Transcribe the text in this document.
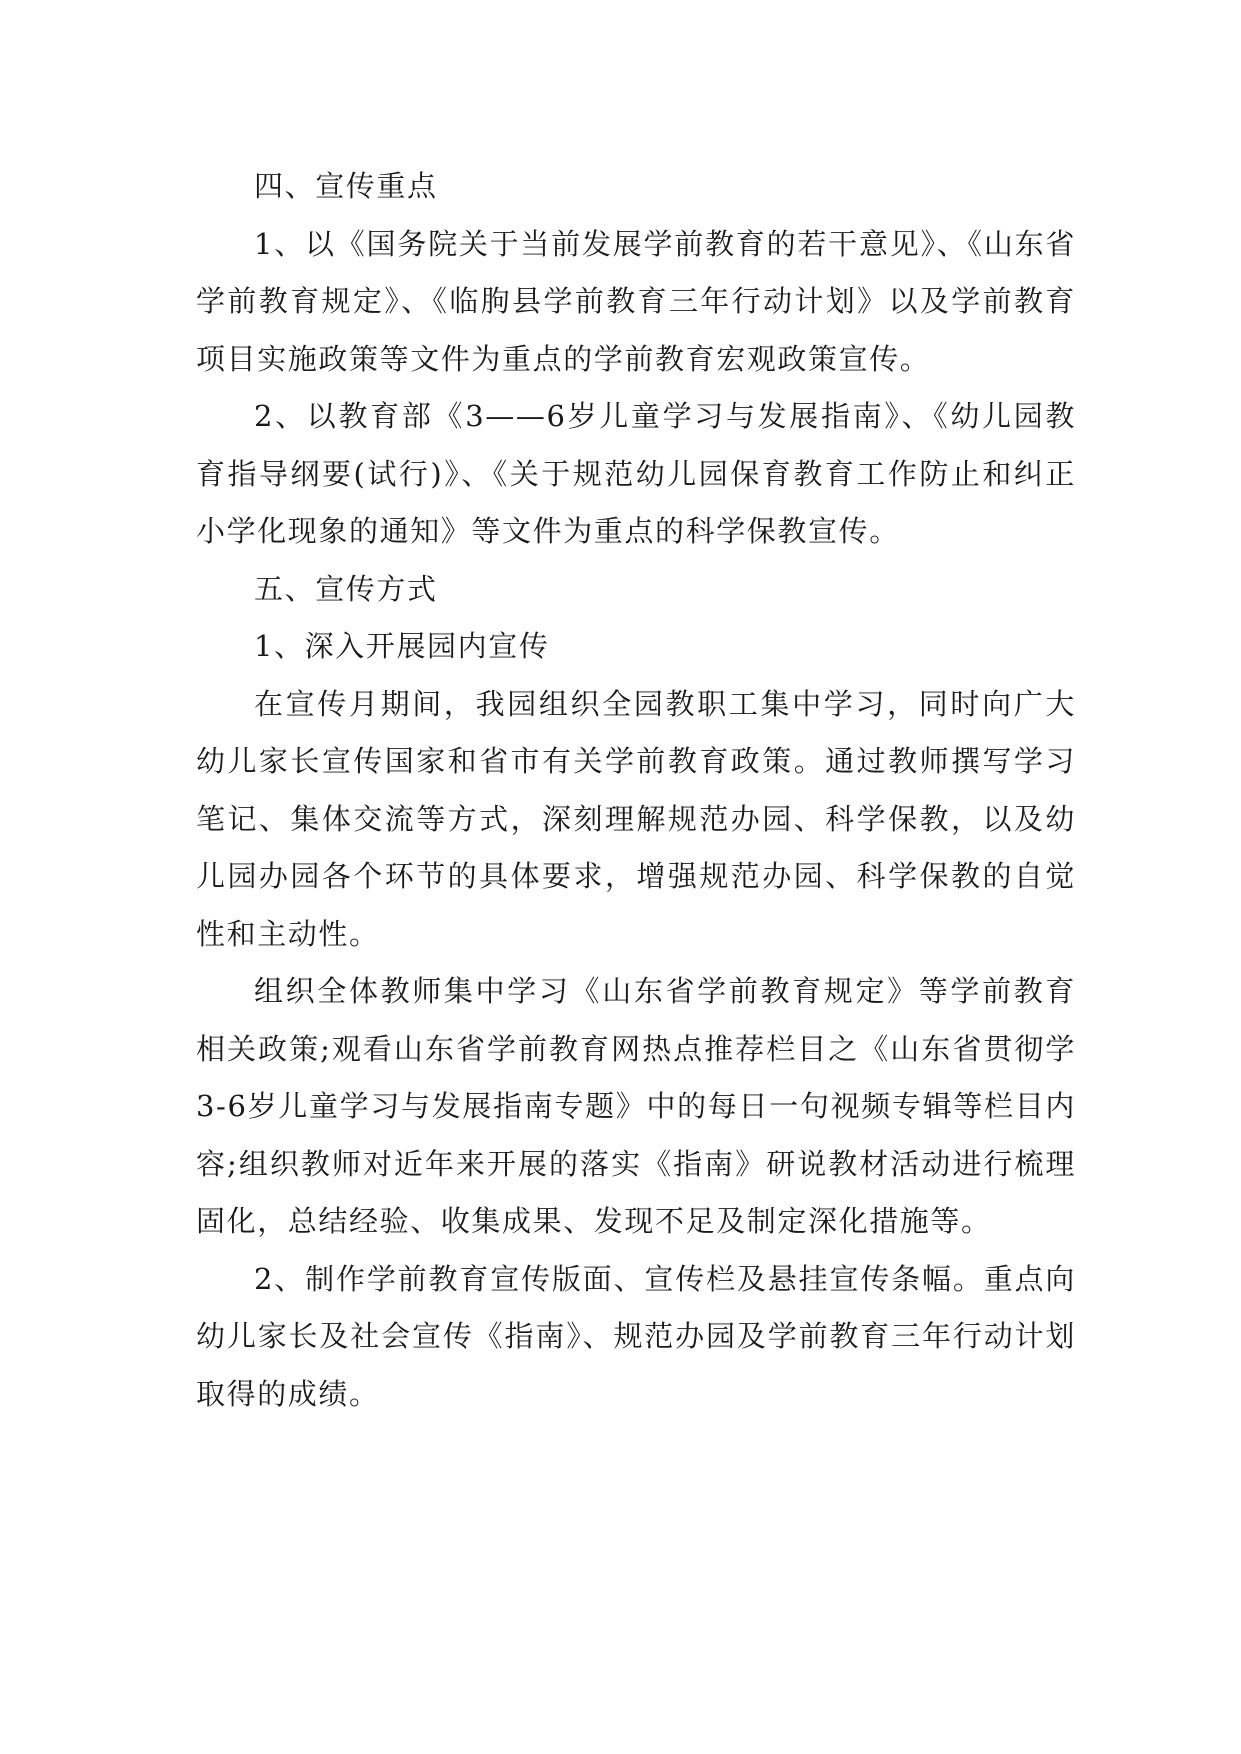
四、宣传重点

1、以《国务院关于当前发展学前教育的若干意见》、《山东省学前教育规定》、《临朐县学前教育三年行动计划》以及学前教育项目实施政策等文件为重点的学前教育宏观政策宣传。

2、以教育部《3——6岁儿童学习与发展指南》、《幼儿园教育指导纲要(试行)》、《关于规范幼儿园保育教育工作防止和纠正小学化现象的通知》等文件为重点的科学保教宣传。

五、宣传方式

1、深入开展园内宣传

在宣传月期间，我园组织全园教职工集中学习，同时向广大幼儿家长宣传国家和省市有关学前教育政策。通过教师撰写学习笔记、集体交流等方式，深刻理解规范办园、科学保教，以及幼儿园办园各个环节的具体要求，增强规范办园、科学保教的自觉性和主动性。

组织全体教师集中学习《山东省学前教育规定》等学前教育相关政策;观看山东省学前教育网热点推荐栏目之《山东省贯彻学3-6岁儿童学习与发展指南专题》中的每日一句视频专辑等栏目内容;组织教师对近年来开展的落实《指南》研说教材活动进行梳理固化，总结经验、收集成果、发现不足及制定深化措施等。

2、制作学前教育宣传版面、宣传栏及悬挂宣传条幅。重点向幼儿家长及社会宣传《指南》、规范办园及学前教育三年行动计划取得的成绩。
